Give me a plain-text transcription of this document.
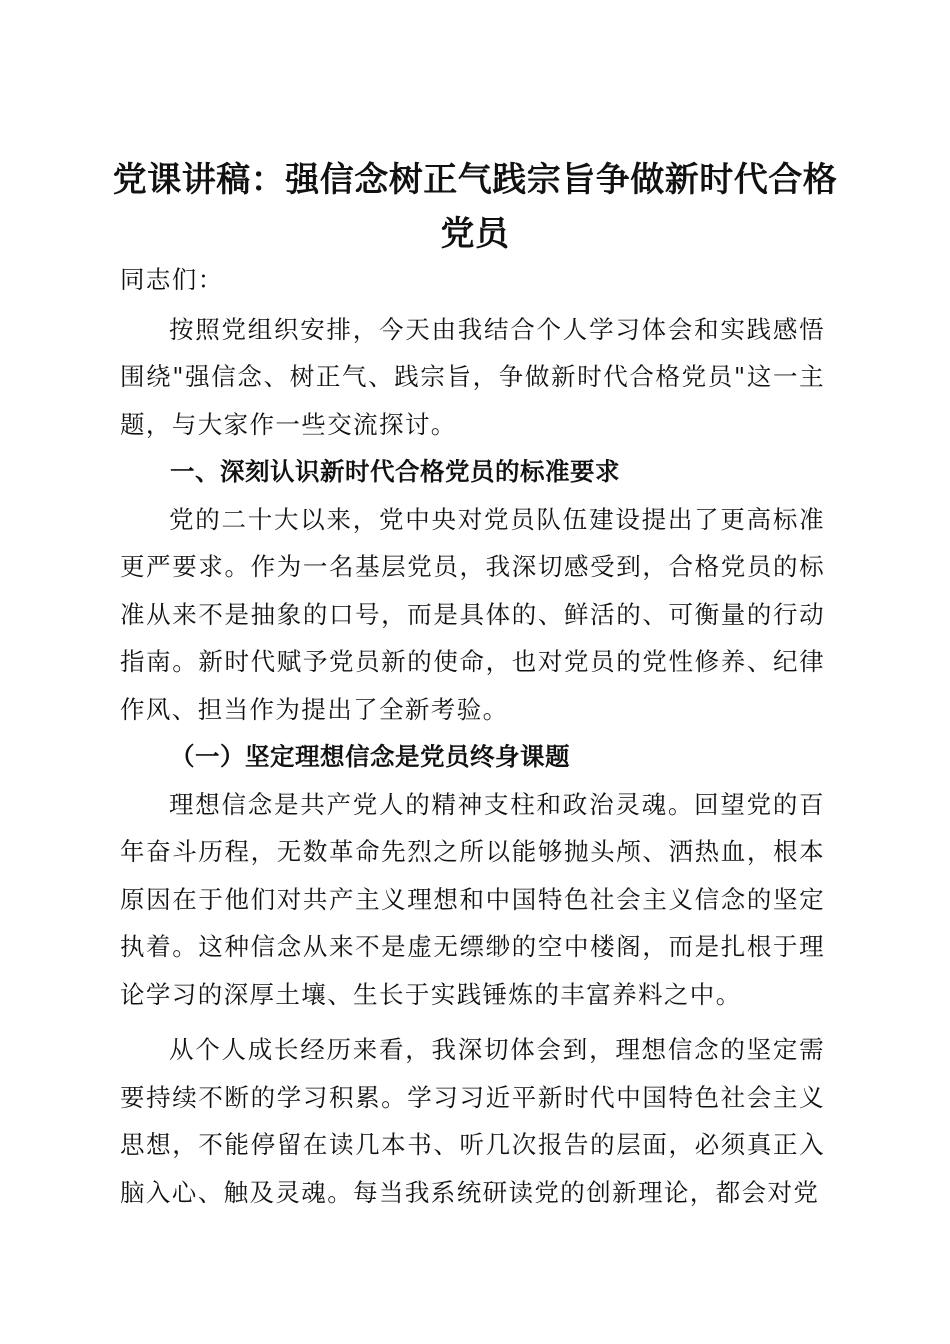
党课讲稿：强信念树正气践宗旨争做新时代合格党员

同志们：

按照党组织安排，今天由我结合个人学习体会和实践感悟围绕"强信念、树正气、践宗旨，争做新时代合格党员"这一主题，与大家作一些交流探讨。

一、深刻认识新时代合格党员的标准要求

党的二十大以来，党中央对党员队伍建设提出了更高标准更严要求。作为一名基层党员，我深切感受到，合格党员的标准从来不是抽象的口号，而是具体的、鲜活的、可衡量的行动指南。新时代赋予党员新的使命，也对党员的党性修养、纪律作风、担当作为提出了全新考验。

（一）坚定理想信念是党员终身课题

理想信念是共产党人的精神支柱和政治灵魂。回望党的百年奋斗历程，无数革命先烈之所以能够抛头颅、洒热血，根本原因在于他们对共产主义理想和中国特色社会主义信念的坚定执着。这种信念从来不是虚无缥缈的空中楼阁，而是扎根于理论学习的深厚土壤、生长于实践锤炼的丰富养料之中。

从个人成长经历来看，我深切体会到，理想信念的坚定需要持续不断的学习积累。学习习近平新时代中国特色社会主义思想，不能停留在读几本书、听几次报告的层面，必须真正入脑入心、触及灵魂。每当我系统研读党的创新理论，都会对党
